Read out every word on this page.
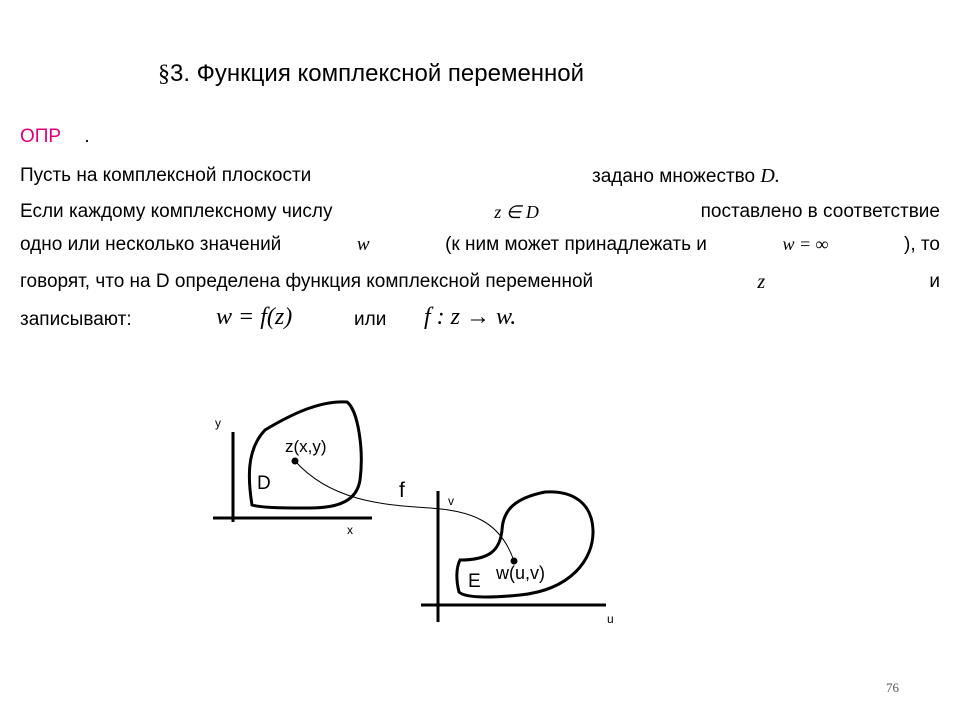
§3. Функция комплексной переменной
ОПР .
Пусть на комплексной плоскости	задано множество D.
Если каждому комплексному числу	z ∈ D	поставлено в соответствие
одно или несколько значений	w	(к ним может принадлежать и	w = ∞	), то
говорят, что на D определена функция комплексной переменной	z	и
записывают:	w = f(z)	или f : z → w.
y
x
z(x,y)
D	f	v
u
w(u,v)
E
76
